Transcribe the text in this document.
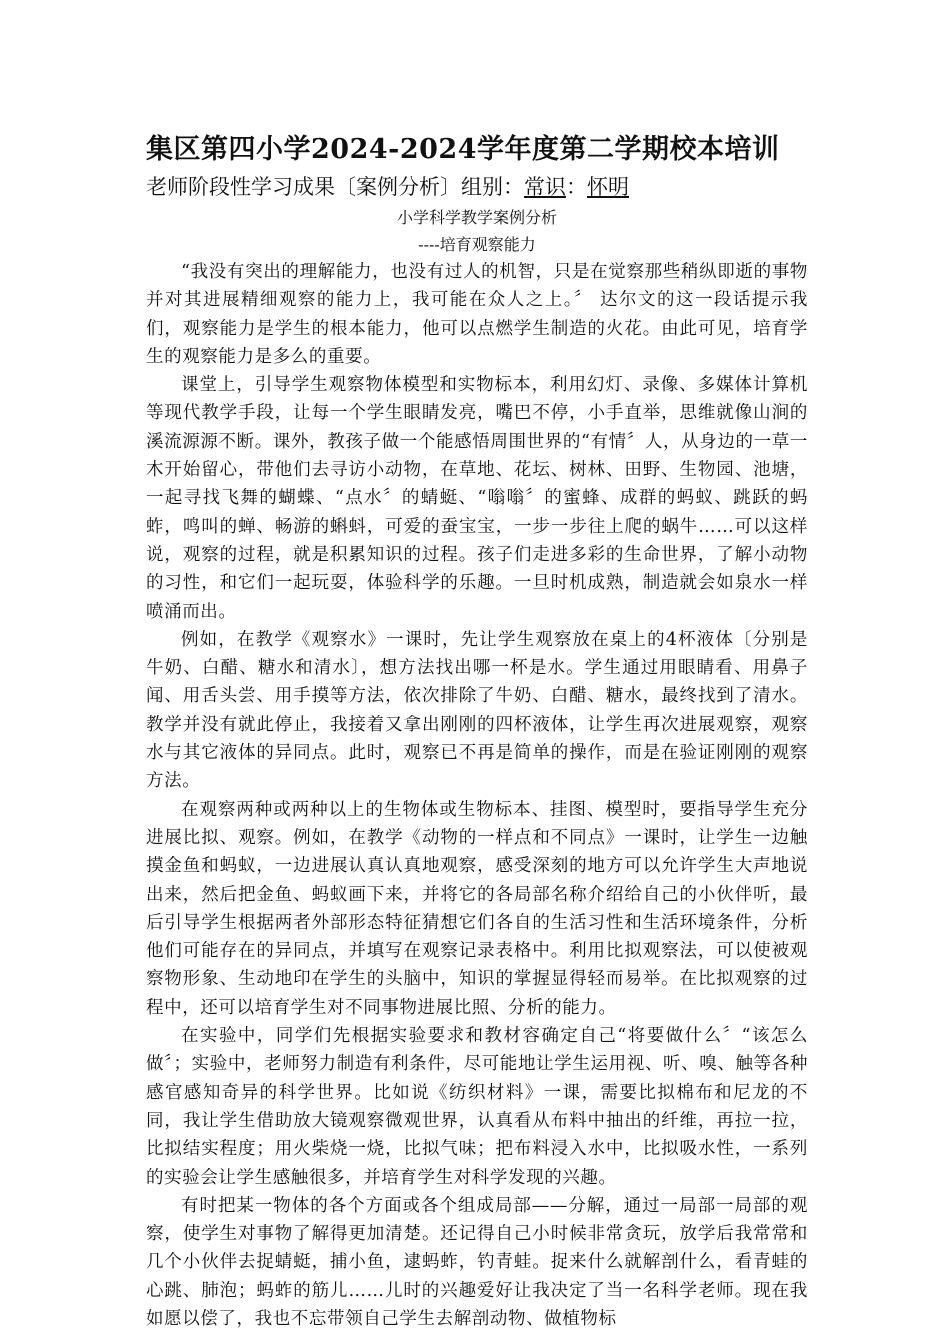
集区第四小学2024-2024学年度第二学期校本培训
老师阶段性学习成果〔案例分析〕组别：常识：怀明
小学科学教学案例分析
----培育观察能力

“我没有突出的理解能力，也没有过人的机智，只是在觉察那些稍纵即逝的事物并对其进展精细观察的能力上，我可能在众人之上。〞 达尔文的这一段话提示我们，观察能力是学生的根本能力，他可以点燃学生制造的火花。由此可见，培育学生的观察能力是多么的重要。

课堂上，引导学生观察物体模型和实物标本，利用幻灯、录像、多媒体计算机等现代教学手段，让每一个学生眼睛发亮，嘴巴不停，小手直举，思维就像山涧的溪流源源不断。课外，教孩子做一个能感悟周围世界的“有情〞人，从身边的一草一木开始留心，带他们去寻访小动物，在草地、花坛、树林、田野、生物园、池塘，一起寻找飞舞的蝴蝶、“点水〞的蜻蜓、“嗡嗡〞的蜜蜂、成群的蚂蚁、跳跃的蚂蚱，鸣叫的蝉、畅游的蝌蚪，可爱的蚕宝宝，一步一步往上爬的蜗牛……可以这样说，观察的过程，就是积累知识的过程。孩子们走进多彩的生命世界，了解小动物的习性，和它们一起玩耍，体验科学的乐趣。一旦时机成熟，制造就会如泉水一样喷涌而出。

例如，在教学《观察水》一课时，先让学生观察放在桌上的4杯液体〔分别是牛奶、白醋、糖水和清水〕，想方法找出哪一杯是水。学生通过用眼睛看、用鼻子闻、用舌头尝、用手摸等方法，依次排除了牛奶、白醋、糖水，最终找到了清水。教学并没有就此停止，我接着又拿出刚刚的四杯液体，让学生再次进展观察，观察水与其它液体的异同点。此时，观察已不再是简单的操作，而是在验证刚刚的观察方法。

在观察两种或两种以上的生物体或生物标本、挂图、模型时，要指导学生充分进展比拟、观察。例如，在教学《动物的一样点和不同点》一课时，让学生一边触摸金鱼和蚂蚁，一边进展认真认真地观察，感受深刻的地方可以允许学生大声地说出来，然后把金鱼、蚂蚁画下来，并将它的各局部名称介绍给自己的小伙伴听，最后引导学生根据两者外部形态特征猜想它们各自的生活习性和生活环境条件，分析他们可能存在的异同点，并填写在观察记录表格中。利用比拟观察法，可以使被观察物形象、生动地印在学生的头脑中，知识的掌握显得轻而易举。在比拟观察的过程中，还可以培育学生对不同事物进展比照、分析的能力。

在实验中，同学们先根据实验要求和教材容确定自己“将要做什么〞“该怎么做〞；实验中，老师努力制造有利条件，尽可能地让学生运用视、听、嗅、触等各种感官感知奇异的科学世界。比如说《纺织材料》一课，需要比拟棉布和尼龙的不同，我让学生借助放大镜观察微观世界，认真看从布料中抽出的纤维，再拉一拉，比拟结实程度；用火柴烧一烧，比拟气味；把布料浸入水中，比拟吸水性，一系列的实验会让学生感触很多，并培育学生对科学发现的兴趣。

有时把某一物体的各个方面或各个组成局部——分解，通过一局部一局部的观察，使学生对事物了解得更加清楚。还记得自己小时候非常贪玩，放学后我常常和几个小伙伴去捉蜻蜓，捕小鱼，逮蚂蚱，钓青蛙。捉来什么就解剖什么，看青蛙的心跳、肺泡；蚂蚱的筋儿……儿时的兴趣爱好让我决定了当一名科学老师。现在我如愿以偿了，我也不忘带领自己学生去解剖动物、做植物标
